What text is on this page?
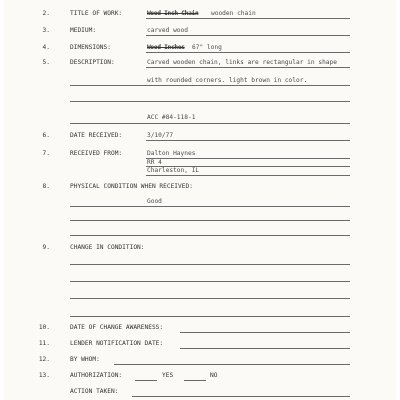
2.	TITLE OF WORK:	Wood Inch Chain wooden chain
3.	MEDIUM:	carved wood
4.	DIMENSIONS:	Wood Inches 67" long
5.	DESCRIPTION:	Carved wooden chain, links are rectangular in shape
with rounded corners. light brown in color.
ACC #84-118-1
6.	DATE RECEIVED:	3/10/77
7.	RECEIVED FROM:	Dalton Haynes
RR 4
Charleston, IL
8.	PHYSICAL CONDITION WHEN RECEIVED:
Good
9.	CHANGE IN CONDITION:
10.	DATE OF CHANGE AWARENESS:
11.	LENDER NOTIFICATION DATE:
12.	BY WHOM:
13.	AUTHORIZATION:	YES	NO
ACTION TAKEN:
